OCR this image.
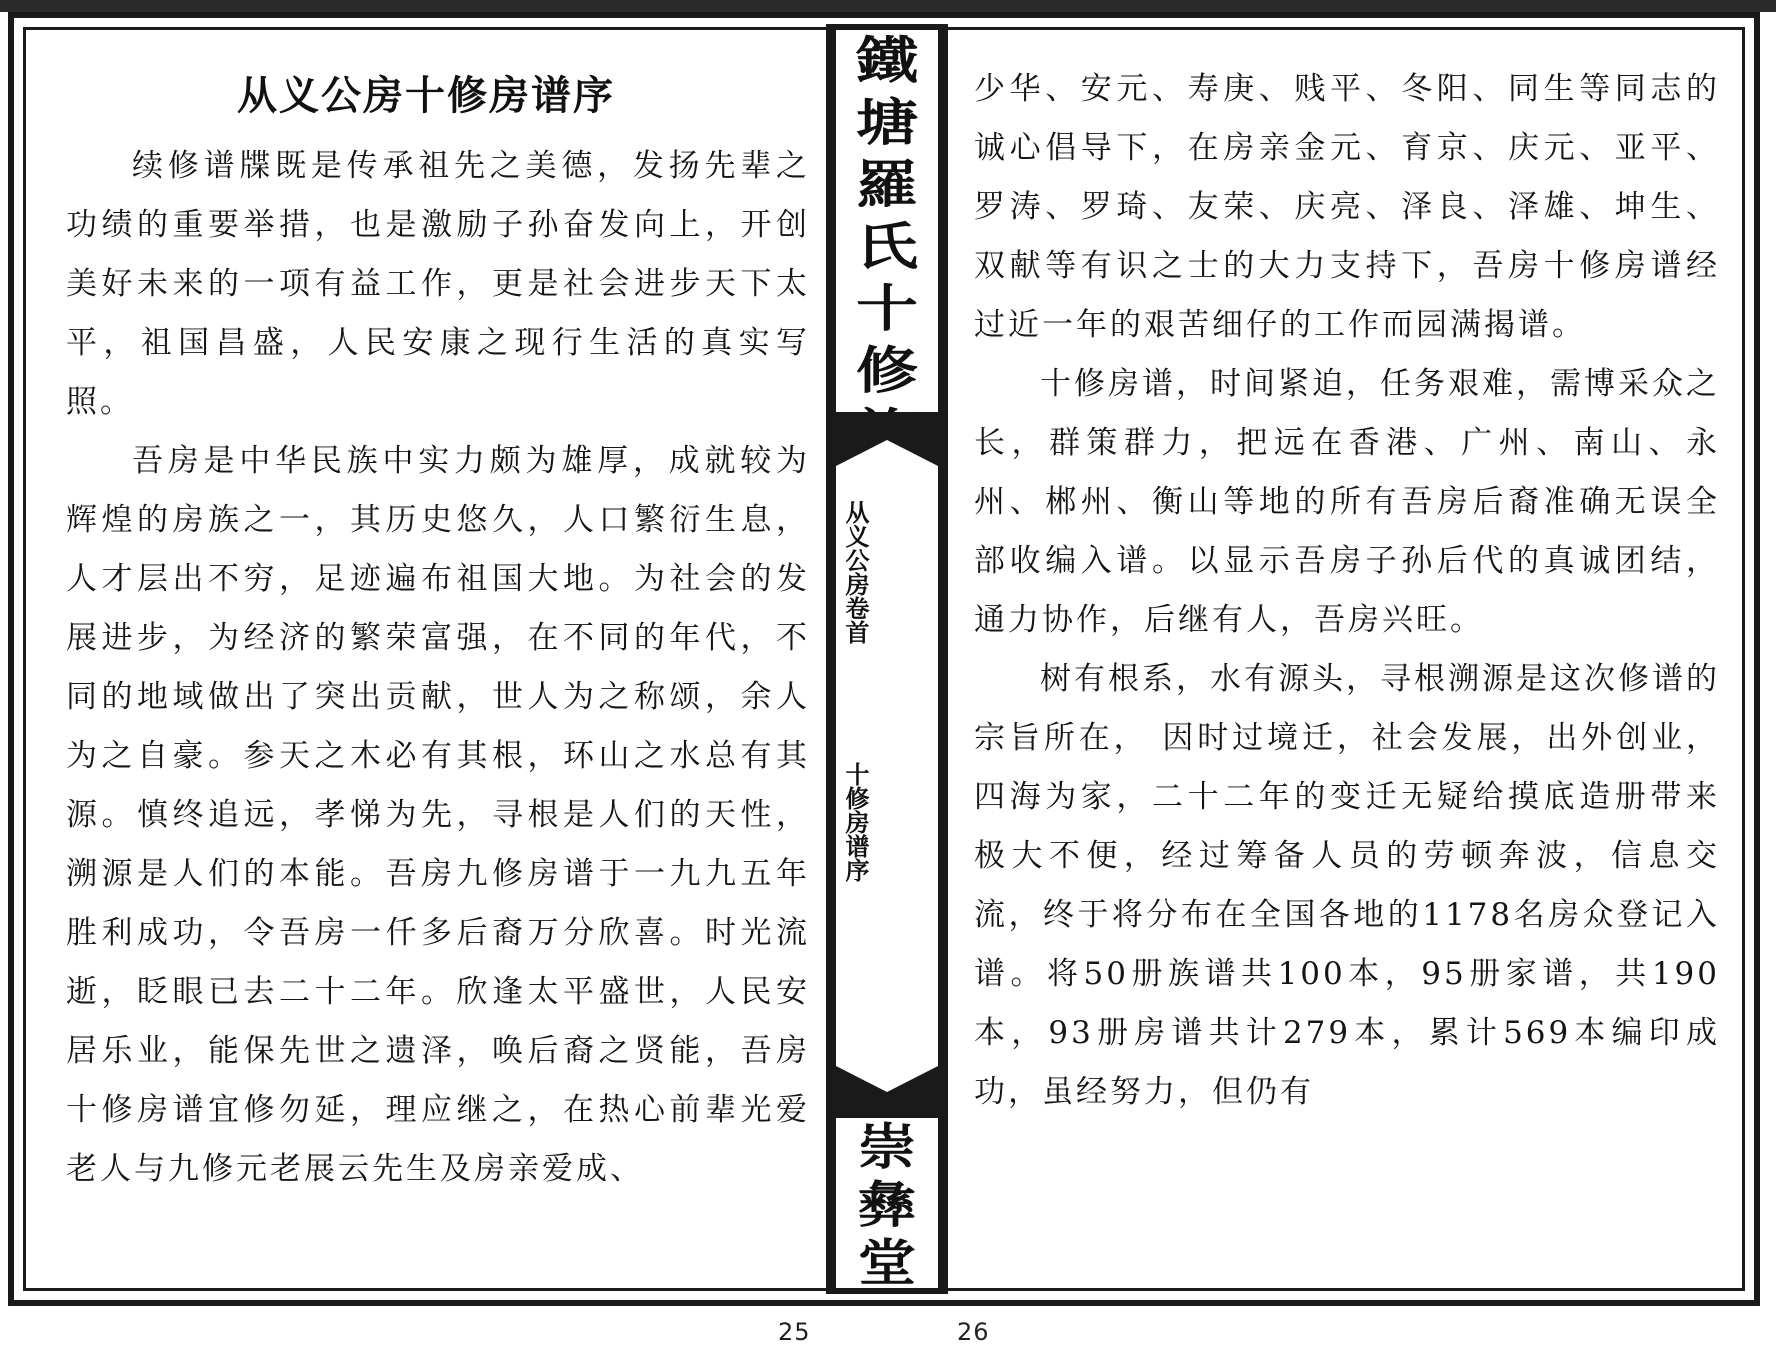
从义公房十修房谱序

续修谱牒既是传承祖先之美德，发扬先辈之功绩的重要举措，也是激励子孙奋发向上，开创美好未来的一项有益工作，更是社会进步天下太平，祖国昌盛，人民安康之现行生活的真实写照。

吾房是中华民族中实力颇为雄厚，成就较为辉煌的房族之一，其历史悠久，人口繁衍生息，人才层出不穷，足迹遍布祖国大地。为社会的发展进步，为经济的繁荣富强，在不同的年代，不同的地域做出了突出贡献，世人为之称颂，余人为之自豪。参天之木必有其根，环山之水总有其源。慎终追远，孝悌为先，寻根是人们的天性，溯源是人们的本能。吾房九修房谱于一九九五年胜利成功，令吾房一仟多后裔万分欣喜。时光流逝，眨眼已去二十二年。欣逢太平盛世，人民安居乐业，能保先世之遗泽，唤后裔之贤能，吾房十修房谱宜修勿延，理应继之，在热心前辈光爱老人与九修元老展云先生及房亲爱成、

鐵
塘
羅
氏
十
修
从义公房卷首
十修房谱序
崇
彝
堂

少华、安元、寿庚、贱平、冬阳、同生等同志的诚心倡导下，在房亲金元、育京、庆元、亚平、罗涛、罗琦、友荣、庆亮、泽良、泽雄、坤生、双献等有识之士的大力支持下，吾房十修房谱经过近一年的艰苦细仔的工作而园满揭谱。

十修房谱，时间紧迫，任务艰难，需博采众之长，群策群力，把远在香港、广州、南山、永州、郴州、衡山等地的所有吾房后裔准确无误全部收编入谱。以显示吾房子孙后代的真诚团结，通力协作，后继有人，吾房兴旺。

树有根系，水有源头，寻根溯源是这次修谱的宗旨所在， 因时过境迁，社会发展，出外创业，四海为家，二十二年的变迁无疑给摸底造册带来极大不便，经过筹备人员的劳顿奔波，信息交流，终于将分布在全国各地的1178名房众登记入谱。将50册族谱共100本，95册家谱，共190本，93册房谱共计279本，累计569本编印成功，虽经努力，但仍有

25	26
